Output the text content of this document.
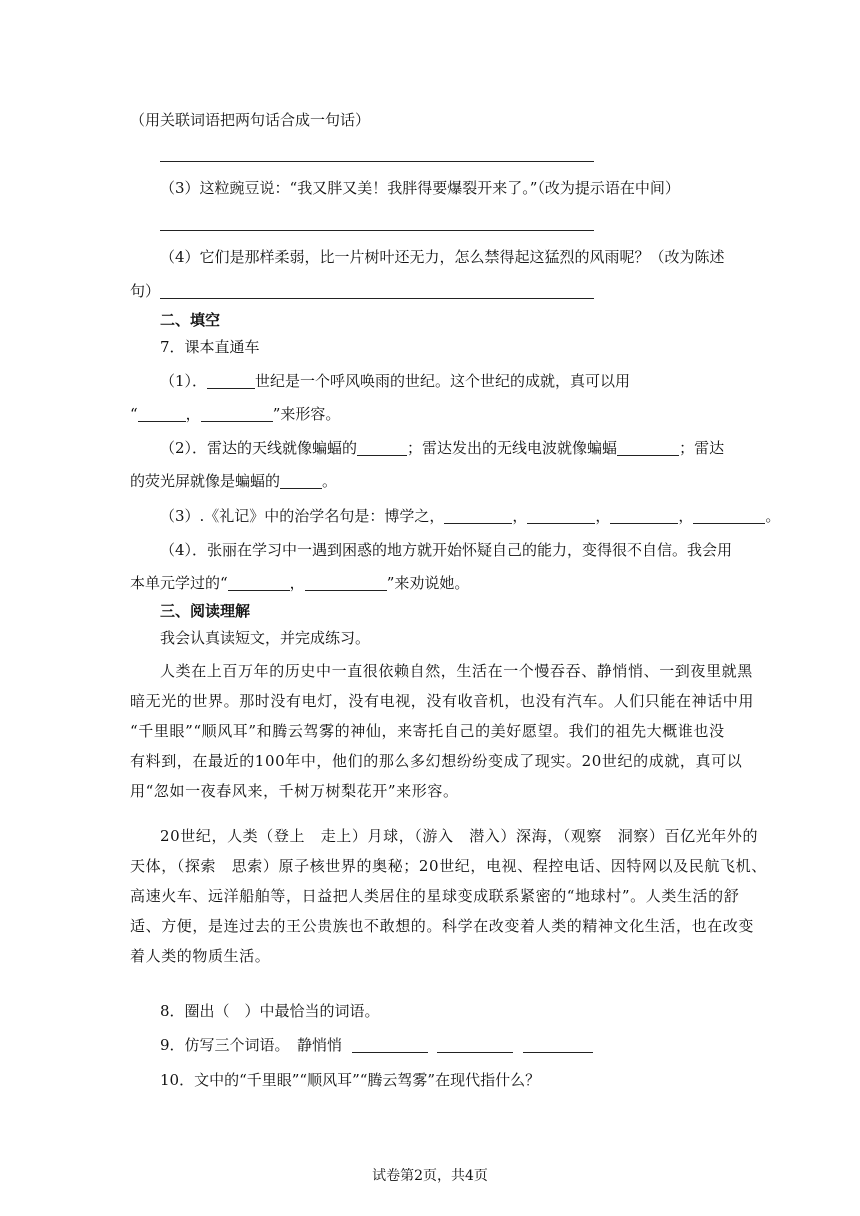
（用关联词语把两句话合成一句话）
（3）这粒豌豆说：“我又胖又美！我胖得要爆裂开来了。”（改为提示语在中间）
（4）它们是那样柔弱，比一片树叶还无力，怎么禁得起这猛烈的风雨呢？（改为陈述
句）
二、填空
7．课本直通车
（1）．	世纪是一个呼风唤雨的世纪。这个世纪的成就，真可以用
“	，	”来形容。
（2）．雷达的天线就像蝙蝠的	；雷达发出的无线电波就像蝙蝠	；雷达
的荧光屏就像是蝙蝠的	。
（3）.《礼记》中的治学名句是：博学之，	，	，	，	。
（4）．张丽在学习中一遇到困惑的地方就开始怀疑自己的能力，变得很不自信。我会用
本单元学过的“	，	”来劝说她。
三、阅读理解
我会认真读短文，并完成练习。
人类在上百万年的历史中一直很依赖自然，生活在一个慢吞吞、静悄悄、一到夜里就黑
暗无光的世界。那时没有电灯，没有电视，没有收音机，也没有汽车。人们只能在神话中用
“千里眼”“顺风耳”和腾云驾雾的神仙，来寄托自己的美好愿望。我们的祖先大概谁也没
有料到，在最近的100年中，他们的那么多幻想纷纷变成了现实。20世纪的成就，真可以
用“忽如一夜春风来，千树万树梨花开”来形容。
20世纪，人类（登上　走上）月球，（游入　潜入）深海，（观察　洞察）百亿光年外的
天体，（探索　思索）原子核世界的奥秘；20世纪，电视、程控电话、因特网以及民航飞机、
高速火车、远洋船舶等，日益把人类居住的星球变成联系紧密的“地球村”。人类生活的舒
适、方便，是连过去的王公贵族也不敢想的。科学在改变着人类的精神文化生活，也在改变
着人类的物质生活。
8．圈出（　）中最恰当的词语。
9．仿写三个词语。　静悄悄
10．文中的“千里眼”“顺风耳”“腾云驾雾”在现代指什么？
试卷第2页，共4页
